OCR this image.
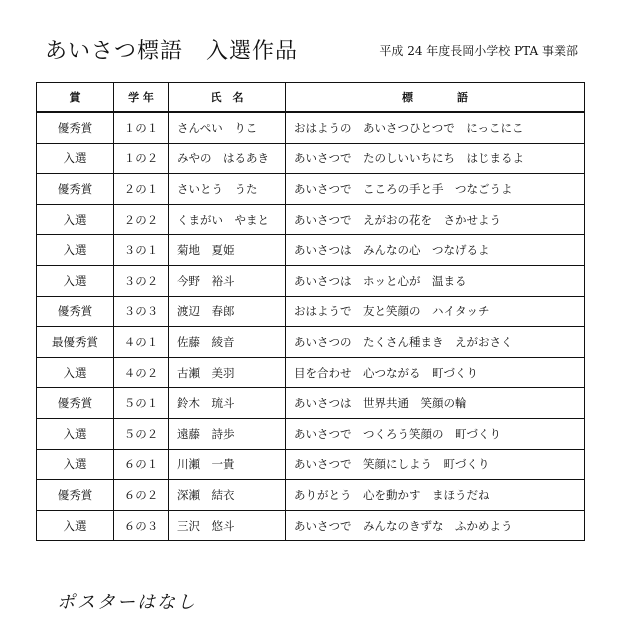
あいさつ標語　入選作品	平成 24 年度長岡小学校 PTA 事業部
賞	学 年	氏　名	標　　　　語
優秀賞	１の１	さんぺい　りこ	おはようの　あいさつひとつで　にっこにこ
入選	１の２	みやの　はるあき	あいさつで　たのしいいちにち　はじまるよ
優秀賞	２の１	さいとう　うた	あいさつで　こころの手と手　つなごうよ
入選	２の２	くまがい　やまと	あいさつで　えがおの花を　さかせよう
入選	３の１	菊地　夏姫	あいさつは　みんなの心　つなげるよ
入選	３の２	今野　裕斗	あいさつは　ホッと心が　温まる
優秀賞	３の３	渡辺　春郎	おはようで　友と笑顔の　ハイタッチ
最優秀賞	４の１	佐藤　綾音	あいさつの　たくさん種まき　えがおさく
入選	４の２	古瀬　美羽	目を合わせ　心つながる　町づくり
優秀賞	５の１	鈴木　琉斗	あいさつは　世界共通　笑顔の輪
入選	５の２	遠藤　詩歩	あいさつで　つくろう笑顔の　町づくり
入選	６の１	川瀬　一貴	あいさつで　笑顔にしよう　町づくり
優秀賞	６の２	深瀬　結衣	ありがとう　心を動かす　まほうだね
入選	６の３	三沢　悠斗	あいさつで　みんなのきずな　ふかめよう
ポスターはなし
